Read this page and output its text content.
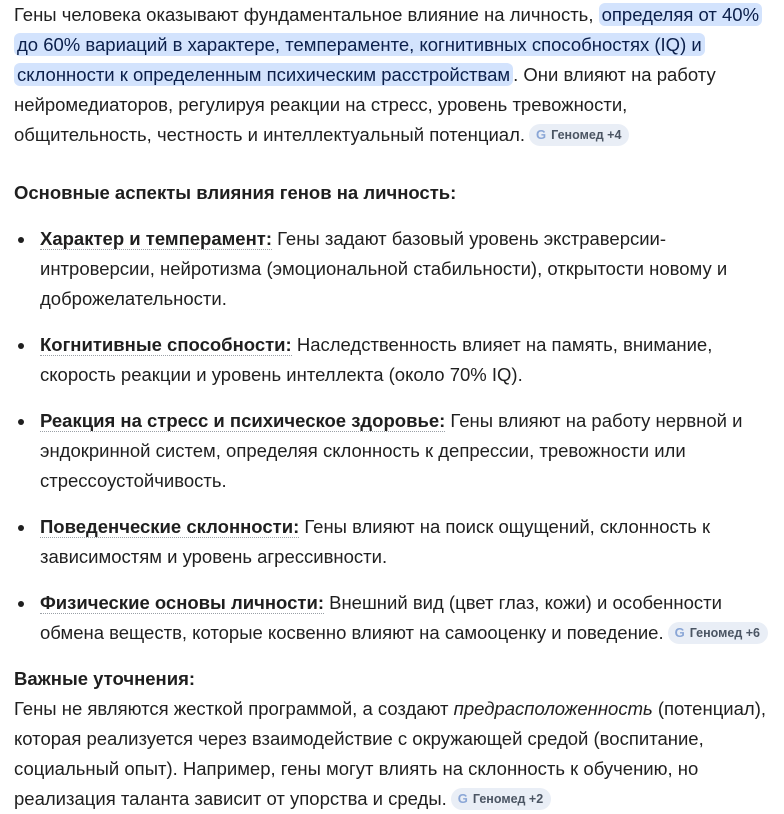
Гены человека оказывают фундаментальное влияние на личность, определяя от 40% до 60% вариаций в характере, темпераменте, когнитивных способностях (IQ) и склонности к определенным психическим расстройствам . Они влияют на работу нейромедиаторов, регулируя реакции на стресс, уровень тревожности, общительность, честность и интеллектуальный потенциал. G Геномед +4

Основные аспекты влияния генов на личность:
Характер и темперамент: Гены задают базовый уровень экстраверсии-интроверсии, нейротизма (эмоциональной стабильности), открытости новому и доброжелательности.
Когнитивные способности: Наследственность влияет на память, внимание, скорость реакции и уровень интеллекта (около 70% IQ).
Реакция на стресс и психическое здоровье: Гены влияют на работу нервной и эндокринной систем, определяя склонность к депрессии, тревожности или стрессоустойчивость.
Поведенческие склонности: Гены влияют на поиск ощущений, склонность к зависимостям и уровень агрессивности.
Физические основы личности: Внешний вид (цвет глаз, кожи) и особенности обмена веществ, которые косвенно влияют на самооценку и поведение. G Геномед +6
Важные уточнения:

Гены не являются жесткой программой, а создают предрасположенность (потенциал), которая реализуется через взаимодействие с окружающей средой (воспитание, социальный опыт). Например, гены могут влиять на склонность к обучению, но реализация таланта зависит от упорства и среды. G Геномед +2
